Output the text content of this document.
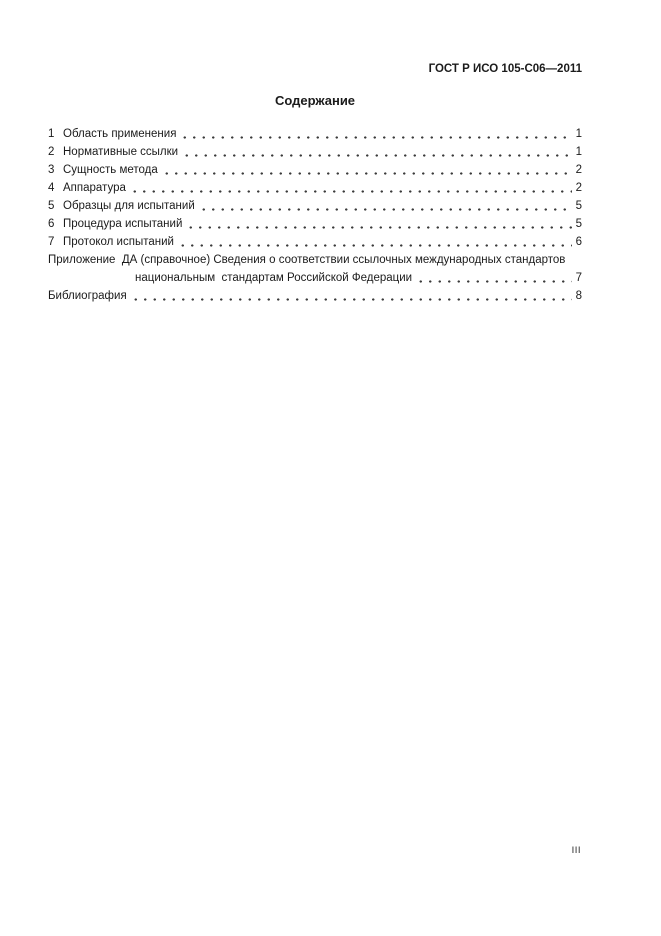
ГОСТ Р ИСО 105-С06—2011
Содержание
1 Область применения	1
2 Нормативные ссылки	1
3 Сущность метода	2
4 Аппаратура	2
5 Образцы для испытаний	5
6 Процедура испытаний	5
7 Протокол испытаний	6
Приложение  ДА (справочное) Сведения о соответствии ссылочных международных стандартов
национальным  стандартам Российской Федерации	7
Библиография	8
III
